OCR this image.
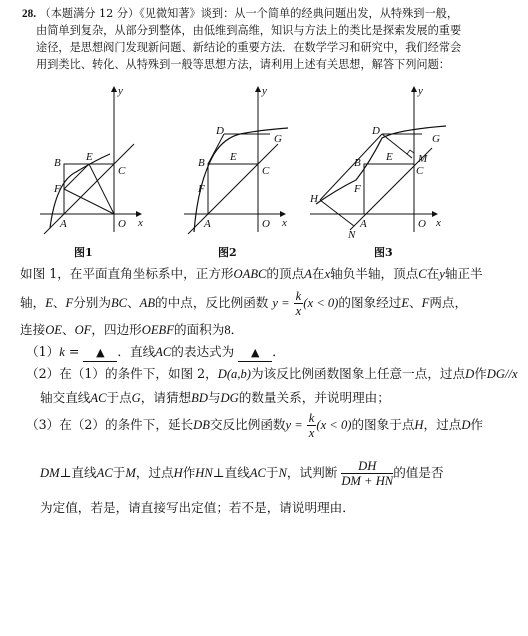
28. （本题满分 12 分）《见微知著》谈到：从一个简单的经典问题出发，从特殊到一般，
由简单到复杂，从部分到整体，由低维到高维，知识与方法上的类比是探索发展的重要
途径，是思想阀门发现新问题、新结论的重要方法．在数学学习和研究中，我们经常会
用到类比、转化、从特殊到一般等思想方法，请利用上述有关思想，解答下列问题：
B E
C
F
A	O x
y
图1
D
G
B E
C
F
A	O x
y
图2
D
B E M
C
G
F
H
A	O
N
x
y
图3
如图 1，在平面直角坐标系中，正方形OABC的顶点A在x轴负半轴，顶点C在y轴正半
轴，E、F分别为BC、AB的中点，反比例函数 $y = \frac{k}{x} (x < 0)$的图象经过E、F两点，
连接OE、OF，四边形OEBF的面积为8．
（1）k = ▲ ．直线AC的表达式为 ▲ ．
（2）在（1）的条件下，如图 2，D(a,b)为该反比例函数图象上任意一点，过点D作DG//x
轴交直线AC于点G，请猜想BD与DG的数量关系，并说明理由；
（3）在（2）的条件下，延长DB交反比例函数$y = \frac{k}{x} (x < 0)$的图象于点H，过点D作
DM⊥直线AC于M，过点H作HN⊥直线AC于N，试判断 $\frac{DH}{DM + HN}$ 的值是否
为定值，若是，请直接写出定值；若不是，请说明理由．
